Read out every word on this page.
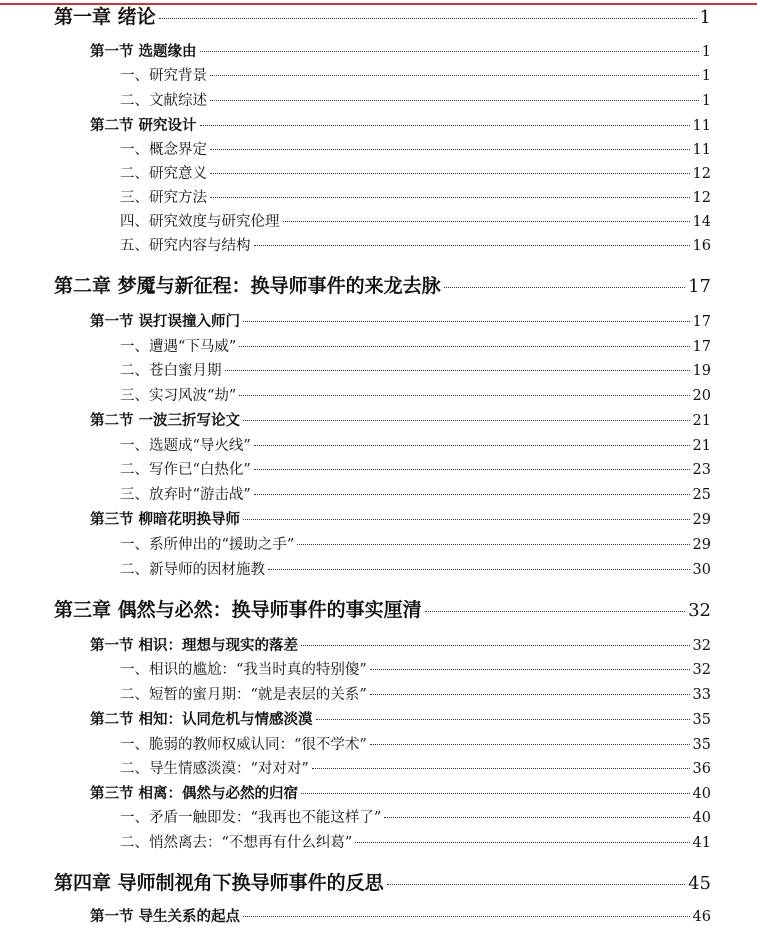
第一章 绪论	1
第一节 选题缘由	1
一、研究背景	1
二、文献综述	1
第二节 研究设计	11
一、概念界定	11
二、研究意义	12
三、研究方法	12
四、研究效度与研究伦理	14
五、研究内容与结构	16
第二章 梦魇与新征程：换导师事件的来龙去脉	17
第一节 误打误撞入师门	17
一、遭遇“下马威”	17
二、苍白蜜月期	19
三、实习风波“劫”	20
第二节 一波三折写论文	21
一、选题成“导火线”	21
二、写作已“白热化”	23
三、放弃时“游击战”	25
第三节 柳暗花明换导师	29
一、系所伸出的“援助之手”	29
二、新导师的因材施教	30
第三章 偶然与必然：换导师事件的事实厘清	32
第一节 相识：理想与现实的落差	32
一、相识的尴尬：“我当时真的特别傻”	32
二、短暂的蜜月期：“就是表层的关系”	33
第二节 相知：认同危机与情感淡漠	35
一、脆弱的教师权威认同：“很不学术”	35
二、导生情感淡漠：“对对对”	36
第三节 相离：偶然与必然的归宿	40
一、矛盾一触即发：“我再也不能这样了”	40
二、悄然离去：“不想再有什么纠葛”	41
第四章 导师制视角下换导师事件的反思	45
第一节 导生关系的起点	46
